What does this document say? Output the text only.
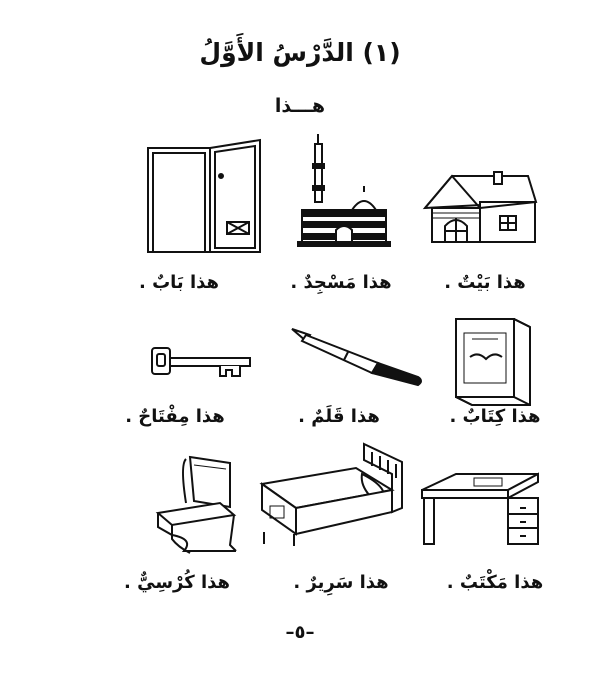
(١) الدَّرْسُ الأَوَّلُ
هـــذا
هذا بَيْتٌ .
هذا مَسْجِدٌ .
هذا بَابٌ .
هذا كِتَابٌ .
هذا قَلَمٌ .
هذا مِفْتَاحٌ .
هذا مَكْتَبٌ .
هذا سَرِيرٌ .
هذا كُرْسِيٌّ .
–٥–
